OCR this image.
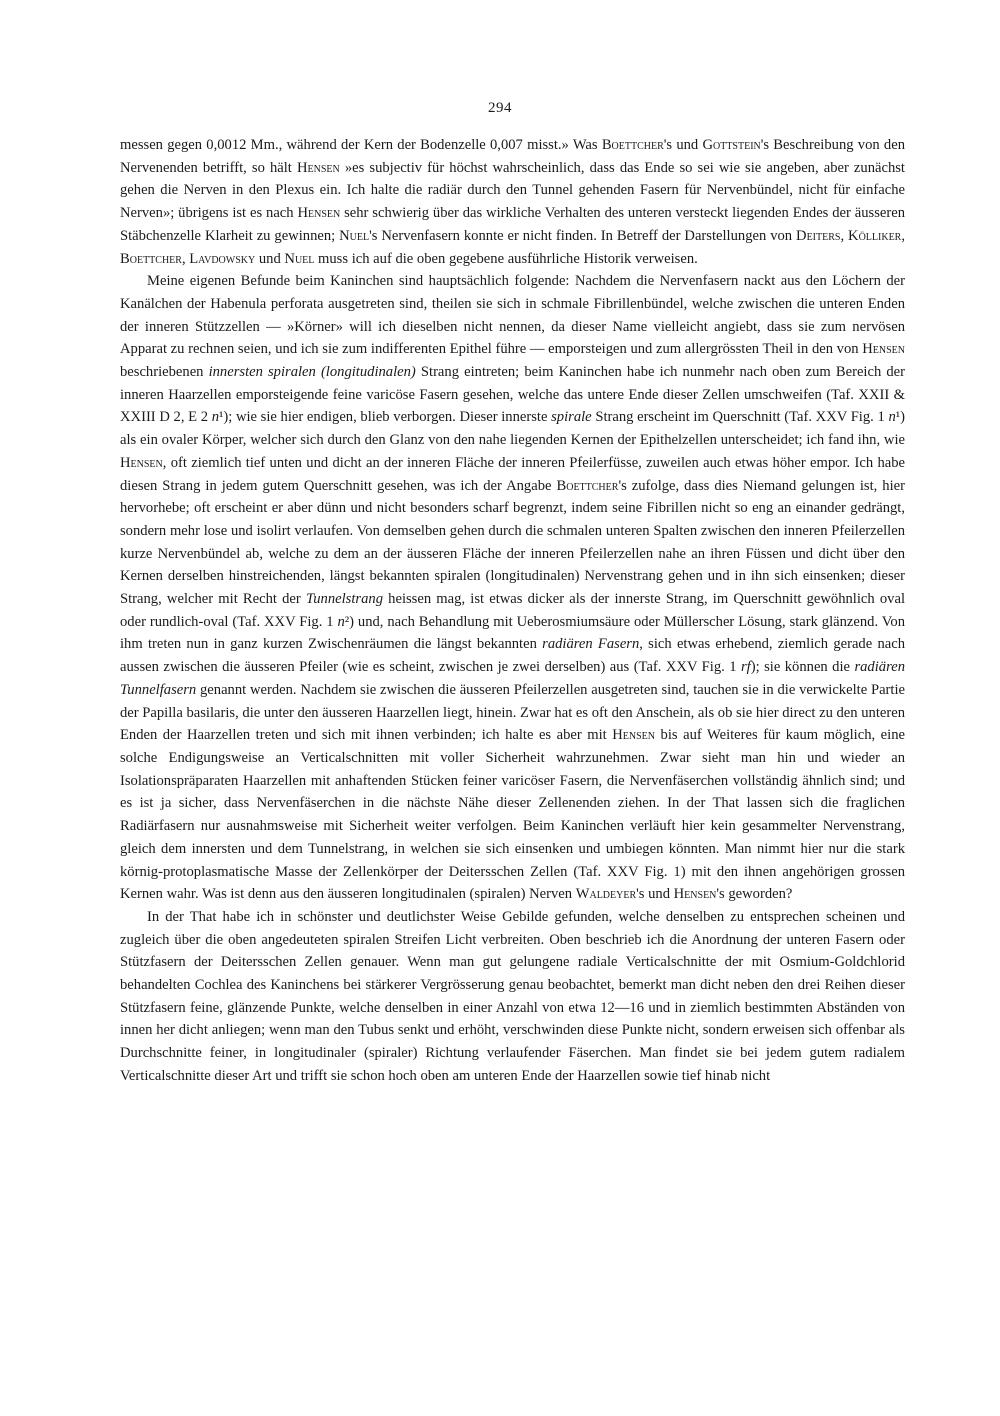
294

messen gegen 0,0012 Mm., während der Kern der Bodenzelle 0,007 misst.» Was Boettcher's und Gottstein's Beschreibung von den Nervenenden betrifft, so hält Hensen »es subjectiv für höchst wahrscheinlich, dass das Ende so sei wie sie angeben, aber zunächst gehen die Nerven in den Plexus ein. Ich halte die radiär durch den Tunnel gehenden Fasern für Nervenbündel, nicht für einfache Nerven»; übrigens ist es nach Hensen sehr schwierig über das wirkliche Verhalten des unteren versteckt liegenden Endes der äusseren Stäbchenzelle Klarheit zu gewinnen; Nuel's Nervenfasern konnte er nicht finden. In Betreff der Darstellungen von Deiters, Kölliker, Boettcher, Lavdowsky und Nuel muss ich auf die oben gegebene ausführliche Historik verweisen.

Meine eigenen Befunde beim Kaninchen sind hauptsächlich folgende: Nachdem die Nervenfasern nackt aus den Löchern der Kanälchen der Habenula perforata ausgetreten sind, theilen sie sich in schmale Fibrillenbündel, welche zwischen die unteren Enden der inneren Stützzellen — »Körner» will ich dieselben nicht nennen, da dieser Name vielleicht angiebt, dass sie zum nervösen Apparat zu rechnen seien, und ich sie zum indifferenten Epithel führe — emporsteigen und zum allergrössten Theil in den von Hensen beschriebenen innersten spiralen (longitudinalen) Strang eintreten; beim Kaninchen habe ich nunmehr nach oben zum Bereich der inneren Haarzellen emporsteigende feine varicöse Fasern gesehen, welche das untere Ende dieser Zellen umschweifen (Taf. XXII & XXIII D 2, E 2 n¹); wie sie hier endigen, blieb verborgen. Dieser innerste spirale Strang erscheint im Querschnitt (Taf. XXV Fig. 1 n¹) als ein ovaler Körper, welcher sich durch den Glanz von den nahe liegenden Kernen der Epithelzellen unterscheidet; ich fand ihn, wie Hensen, oft ziemlich tief unten und dicht an der inneren Fläche der inneren Pfeilerfüsse, zuweilen auch etwas höher empor. Ich habe diesen Strang in jedem gutem Querschnitt gesehen, was ich der Angabe Boettcher's zufolge, dass dies Niemand gelungen ist, hier hervorhebe; oft erscheint er aber dünn und nicht besonders scharf begrenzt, indem seine Fibrillen nicht so eng an einander gedrängt, sondern mehr lose und isolirt verlaufen. Von demselben gehen durch die schmalen unteren Spalten zwischen den inneren Pfeilerzellen kurze Nervenbündel ab, welche zu dem an der äusseren Fläche der inneren Pfeilerzellen nahe an ihren Füssen und dicht über den Kernen derselben hinstreichenden, längst bekannten spiralen (longitudinalen) Nervenstrang gehen und in ihn sich einsenken; dieser Strang, welcher mit Recht der Tunnelstrang heissen mag, ist etwas dicker als der innerste Strang, im Querschnitt gewöhnlich oval oder rundlich-oval (Taf. XXV Fig. 1 n²) und, nach Behandlung mit Ueberosmiumsäure oder Müllerscher Lösung, stark glänzend. Von ihm treten nun in ganz kurzen Zwischenräumen die längst bekannten radiären Fasern, sich etwas erhebend, ziemlich gerade nach aussen zwischen die äusseren Pfeiler (wie es scheint, zwischen je zwei derselben) aus (Taf. XXV Fig. 1 rf); sie können die radiären Tunnelfasern genannt werden. Nachdem sie zwischen die äusseren Pfeilerzellen ausgetreten sind, tauchen sie in die verwickelte Partie der Papilla basilaris, die unter den äusseren Haarzellen liegt, hinein. Zwar hat es oft den Anschein, als ob sie hier direct zu den unteren Enden der Haarzellen treten und sich mit ihnen verbinden; ich halte es aber mit Hensen bis auf Weiteres für kaum möglich, eine solche Endigungsweise an Verticalschnitten mit voller Sicherheit wahrzunehmen. Zwar sieht man hin und wieder an Isolationspräparaten Haarzellen mit anhaftenden Stücken feiner varicöser Fasern, die Nervenfäserchen vollständig ähnlich sind; und es ist ja sicher, dass Nervenfäserchen in die nächste Nähe dieser Zellenenden ziehen. In der That lassen sich die fraglichen Radiärfasern nur ausnahmsweise mit Sicherheit weiter verfolgen. Beim Kaninchen verläuft hier kein gesammelter Nervenstrang, gleich dem innersten und dem Tunnelstrang, in welchen sie sich einsenken und umbiegen könnten. Man nimmt hier nur die stark körnig-protoplasmatische Masse der Zellenkörper der Deitersschen Zellen (Taf. XXV Fig. 1) mit den ihnen angehörigen grossen Kernen wahr. Was ist denn aus den äusseren longitudinalen (spiralen) Nerven Waldeyer's und Hensen's geworden?

In der That habe ich in schönster und deutlichster Weise Gebilde gefunden, welche denselben zu entsprechen scheinen und zugleich über die oben angedeuteten spiralen Streifen Licht verbreiten. Oben beschrieb ich die Anordnung der unteren Fasern oder Stützfasern der Deitersschen Zellen genauer. Wenn man gut gelungene radiale Verticalschnitte der mit Osmium-Goldchlorid behandelten Cochlea des Kaninchens bei stärkerer Vergrösserung genau beobachtet, bemerkt man dicht neben den drei Reihen dieser Stützfasern feine, glänzende Punkte, welche denselben in einer Anzahl von etwa 12—16 und in ziemlich bestimmten Abständen von innen her dicht anliegen; wenn man den Tubus senkt und erhöht, verschwinden diese Punkte nicht, sondern erweisen sich offenbar als Durchschnitte feiner, in longitudinaler (spiraler) Richtung verlaufender Fäserchen. Man findet sie bei jedem gutem radialem Verticalschnitte dieser Art und trifft sie schon hoch oben am unteren Ende der Haarzellen sowie tief hinab nicht
